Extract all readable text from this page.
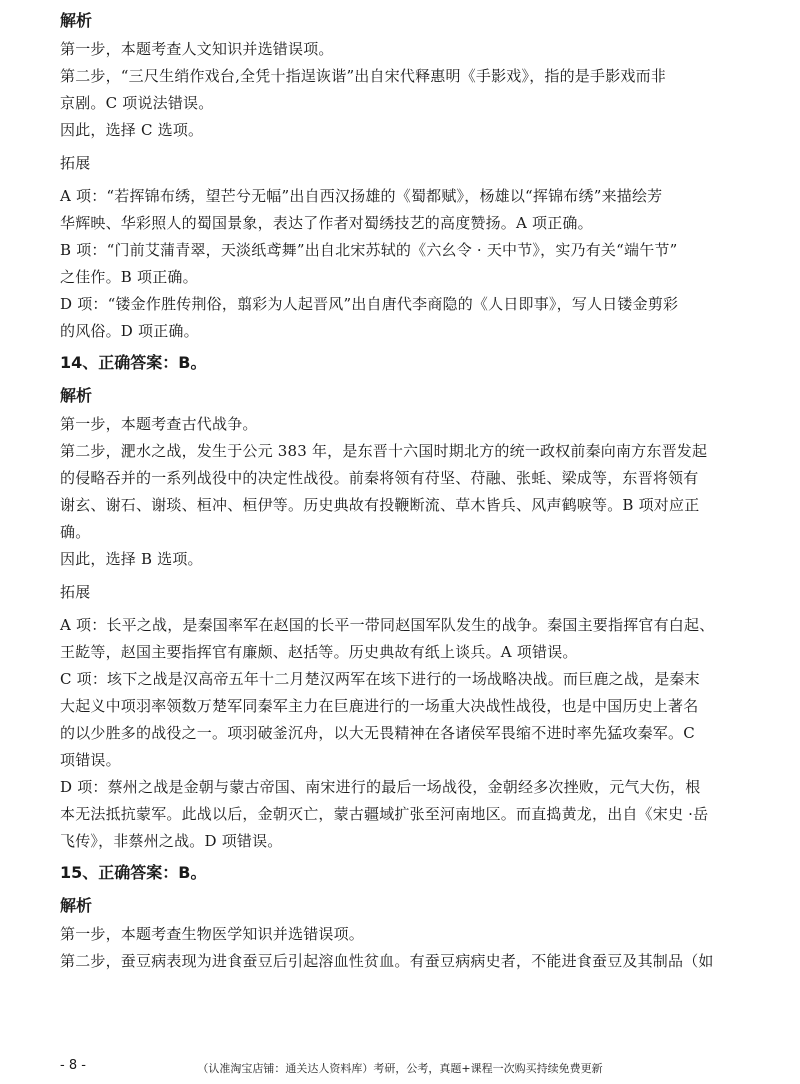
解析

第一步，本题考查人文知识并选错误项。

第二步，“三尺生绡作戏台,全凭十指逞诙谐”出自宋代释惠明《手影戏》，指的是手影戏而非

京剧。C 项说法错误。

因此，选择 C 选项。

拓展

A 项：“若挥锦布绣，望芒兮无幅”出自西汉扬雄的《蜀都赋》，杨雄以“挥锦布绣”来描绘芳

华辉映、华彩照人的蜀国景象，表达了作者对蜀绣技艺的高度赞扬。A 项正确。

B 项：“门前艾蒲青翠，天淡纸鸢舞”出自北宋苏轼的《六幺令 · 天中节》，实乃有关“端午节”

之佳作。B 项正确。

D 项：“镂金作胜传荆俗，翦彩为人起晋风”出自唐代李商隐的《人日即事》，写人日镂金剪彩

的风俗。D 项正确。

14、正确答案：B。

解析

第一步，本题考查古代战争。

第二步，淝水之战，发生于公元 383 年，是东晋十六国时期北方的统一政权前秦向南方东晋发起

的侵略吞并的一系列战役中的决定性战役。前秦将领有苻坚、苻融、张蚝、梁成等，东晋将领有

谢玄、谢石、谢琰、桓冲、桓伊等。历史典故有投鞭断流、草木皆兵、风声鹤唳等。B 项对应正

确。

因此，选择 B 选项。

拓展

A 项：长平之战，是秦国率军在赵国的长平一带同赵国军队发生的战争。秦国主要指挥官有白起、

王龁等，赵国主要指挥官有廉颇、赵括等。历史典故有纸上谈兵。A 项错误。

C 项：垓下之战是汉高帝五年十二月楚汉两军在垓下进行的一场战略决战。而巨鹿之战，是秦末

大起义中项羽率领数万楚军同秦军主力在巨鹿进行的一场重大决战性战役，也是中国历史上著名

的以少胜多的战役之一。项羽破釜沉舟，以大无畏精神在各诸侯军畏缩不进时率先猛攻秦军。C

项错误。

D 项：蔡州之战是金朝与蒙古帝国、南宋进行的最后一场战役，金朝经多次挫败，元气大伤，根

本无法抵抗蒙军。此战以后，金朝灭亡，蒙古疆域扩张至河南地区。而直捣黄龙，出自《宋史 ·岳

飞传》，非蔡州之战。D 项错误。

15、正确答案：B。

解析

第一步，本题考查生物医学知识并选错误项。

第二步，蚕豆病表现为进食蚕豆后引起溶血性贫血。有蚕豆病病史者，不能进食蚕豆及其制品（如

- 8 -	（认准淘宝店铺：通关达人资料库）考研，公考，真题+课程一次购买持续免费更新
